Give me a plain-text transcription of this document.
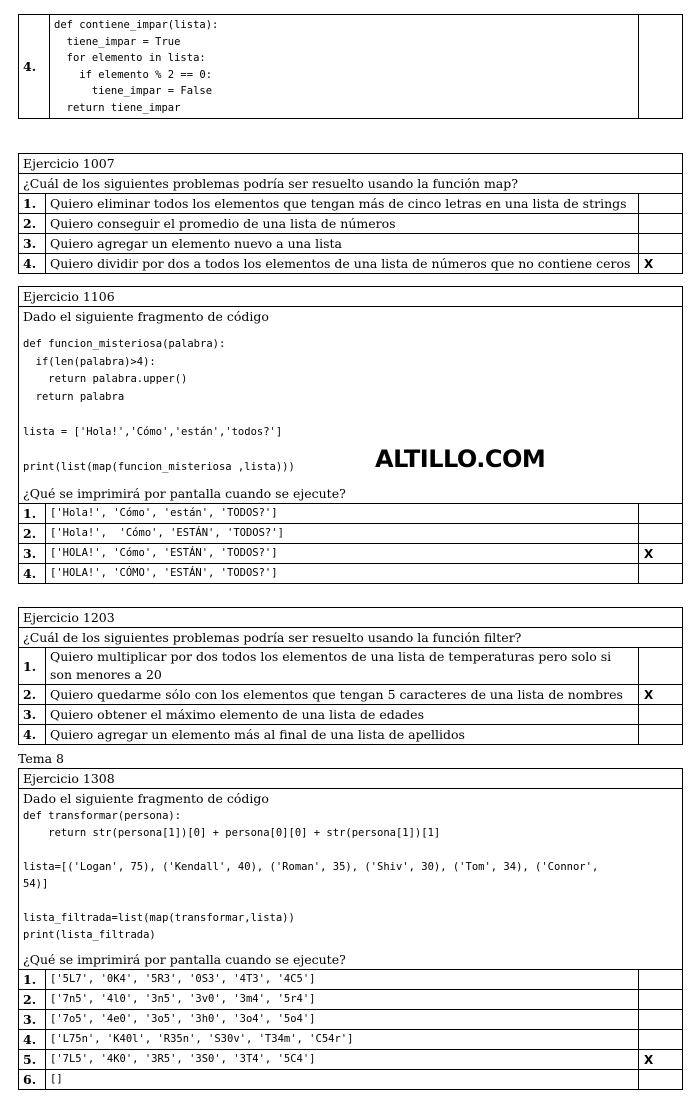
4.
def contiene_impar(lista):
tiene_impar = True
for elemento in lista:
if elemento % 2 == 0:
tiene_impar = False
return tiene_impar
Ejercicio 1007
¿Cuál de los siguientes problemas podría ser resuelto usando la función map?
1.	Quiero eliminar todos los elementos que tengan más de cinco letras en una lista de strings
2.	Quiero conseguir el promedio de una lista de números
3.	Quiero agregar un elemento nuevo a una lista
4.	Quiero dividir por dos a todos los elementos de una lista de números que no contiene ceros	X
Ejercicio 1106
Dado el siguiente fragmento de código
def funcion_misteriosa(palabra):
if(len(palabra)>4):
return palabra.upper()
return palabra

lista = ['Hola!','Cómo','están','todos?']

print(list(map(funcion_misteriosa ,lista)))
¿Qué se imprimirá por pantalla cuando se ejecute?
1.	['Hola!', 'Cómo', 'están', 'TODOS?']
2.	['Hola!',  'Cómo', 'ESTÁN', 'TODOS?']
3.	['HOLA!', 'Cómo', 'ESTÁN', 'TODOS?']	X
4.	['HOLA!', 'CÓMO', 'ESTÁN', 'TODOS?']
ALTILLO.COM
Ejercicio 1203
¿Cuál de los siguientes problemas podría ser resuelto usando la función filter?
1.
Quiero multiplicar por dos todos los elementos de una lista de temperaturas pero solo si son menores a 20
2.	Quiero quedarme sólo con los elementos que tengan 5 caracteres de una lista de nombres	X
3.	Quiero obtener el máximo elemento de una lista de edades
4.	Quiero agregar un elemento más al final de una lista de apellidos
Tema 8
Ejercicio 1308
Dado el siguiente fragmento de código
def transformar(persona):
return str(persona[1])[0] + persona[0][0] + str(persona[1])[1]

lista=[('Logan', 75), ('Kendall', 40), ('Roman', 35), ('Shiv', 30), ('Tom', 34), ('Connor',
54)]

lista_filtrada=list(map(transformar,lista))
print(lista_filtrada)
¿Qué se imprimirá por pantalla cuando se ejecute?
1.	['5L7', '0K4', '5R3', '0S3', '4T3', '4C5']
2.	['7n5', '4l0', '3n5', '3v0', '3m4', '5r4']
3.	['7o5', '4e0', '3o5', '3h0', '3o4', '5o4']
4.	['L75n', 'K40l', 'R35n', 'S30v', 'T34m', 'C54r']
5.	['7L5', '4K0', '3R5', '3S0', '3T4', '5C4']	X
6.	[]
